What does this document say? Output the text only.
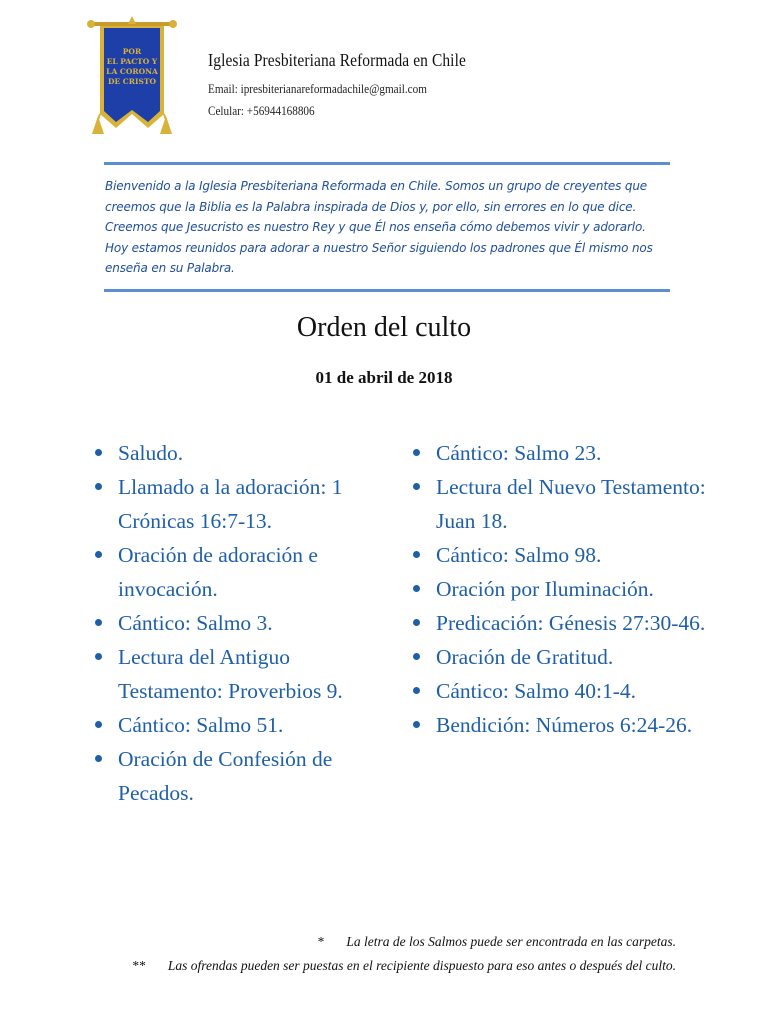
POR
EL PACTO Y
LA CORONA
DE CRISTO
Iglesia Presbiteriana Reformada en Chile
Email: ipresbiterianareformadachile@gmail.com
Celular: +56944168806
Bienvenido a la Iglesia Presbiteriana Reformada en Chile. Somos un grupo de creyentes que creemos que la Biblia es la Palabra inspirada de Dios y, por ello, sin errores en lo que dice. Creemos que Jesucristo es nuestro Rey y que Él nos enseña cómo debemos vivir y adorarlo. Hoy estamos reunidos para adorar a nuestro Señor siguiendo los padrones que Él mismo nos enseña en su Palabra.
Orden del culto
01 de abril de 2018
Saludo.
Llamado a la adoración: 1 Crónicas 16:7-13.
Oración de adoración e invocación.
Cántico: Salmo 3.
Lectura del Antiguo Testamento: Proverbios 9.
Cántico: Salmo 51.
Oración de Confesión de Pecados.
Cántico: Salmo 23.
Lectura del Nuevo Testamento: Juan 18.
Cántico: Salmo 98.
Oración por Iluminación.
Predicación: Génesis 27:30-46.
Oración de Gratitud.
Cántico: Salmo 40:1-4.
Bendición: Números 6:24-26.
* La letra de los Salmos puede ser encontrada en las carpetas.
** Las ofrendas pueden ser puestas en el recipiente dispuesto para eso antes o después del culto.
